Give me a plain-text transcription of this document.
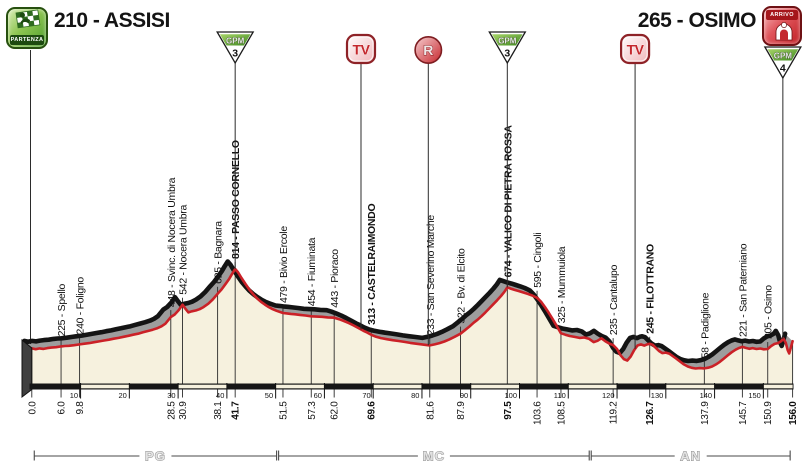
PARTENZA
210 - ASSISI	265 - OSIMO	ARRIVO
10	20	30	40	50	60	70	80	90	100	110	120	130	140	150
0.0
225 - Spello
6.0
240 - Foligno
9.8
448 - Svinc. di Nocera Umbra
28.5
542 - Nocera Umbra
30.9
625 - Bagnara
38.1
814 - PASSO CORNELLO
41.7
479 - Bivio Ercole
51.5
454 - Fiuminata
57.3
443 - Pioraco
62.0
313 - CASTELRAIMONDO
69.6
233 - San Severino Marche
81.6
322 - Bv. di Elcito
87.9
674 - VALICO DI PIETRA ROSSA
97.5
595 - Cingoli
103.6
325 - Mummuiola
108.5
235 - Cantalupo
119.2
245 - FILOTTRANO
126.7
58 - Padiglione
137.9
221 - San Paterniano
145.7
205 - Osimo
150.9 156.0
GPM
3	TV	R
GPM
3	TV	GPM
4
PG	MC	AN
